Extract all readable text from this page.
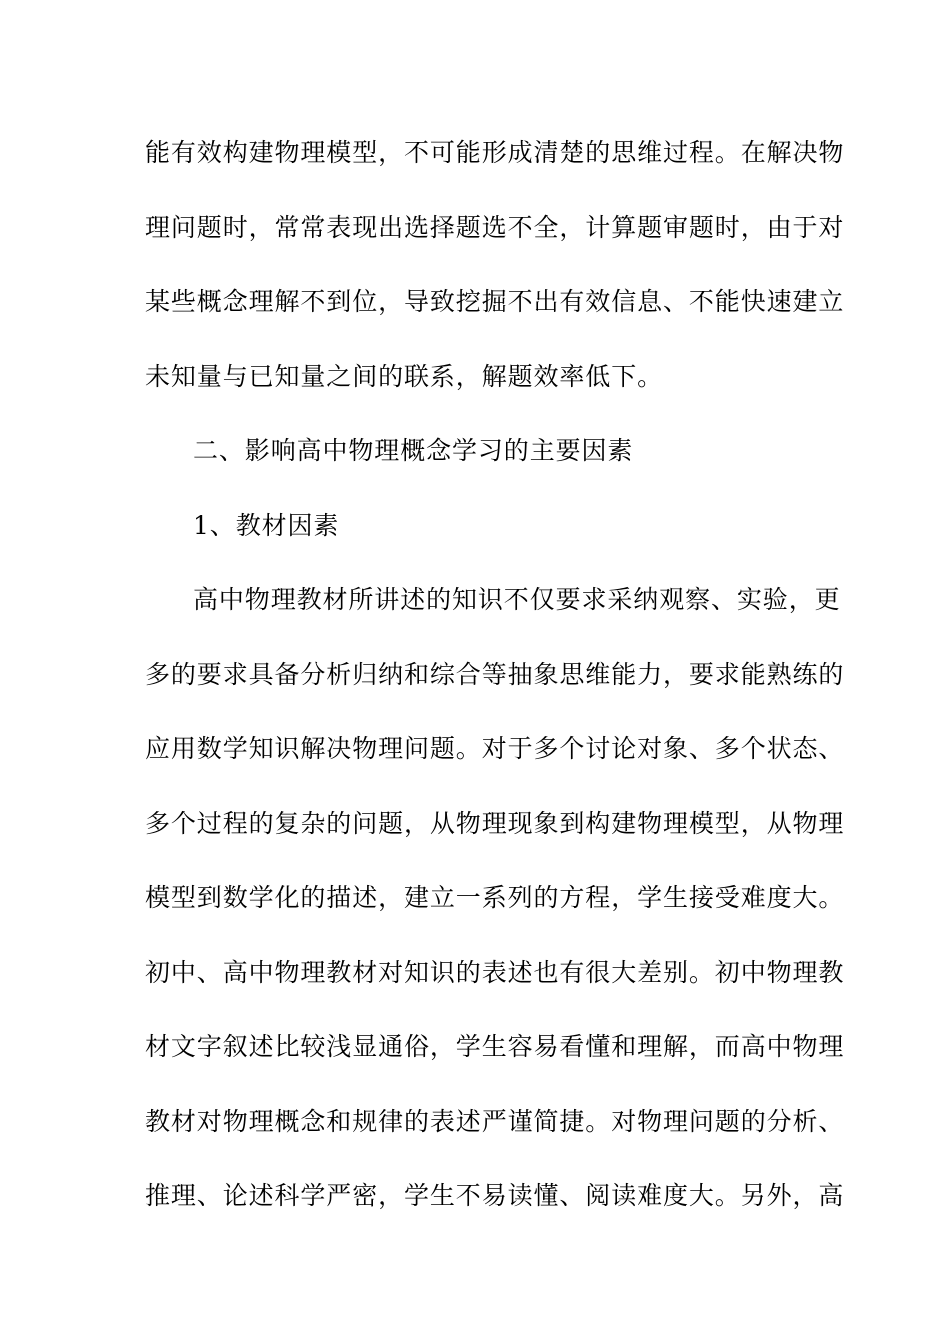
能有效构建物理模型，不可能形成清楚的思维过程。在解决物
理问题时，常常表现出选择题选不全，计算题审题时，由于对
某些概念理解不到位，导致挖掘不出有效信息、不能快速建立
未知量与已知量之间的联系，解题效率低下。
二、影响高中物理概念学习的主要因素
1、教材因素
高中物理教材所讲述的知识不仅要求采纳观察、实验，更
多的要求具备分析归纳和综合等抽象思维能力，要求能熟练的
应用数学知识解决物理问题。对于多个讨论对象、多个状态、
多个过程的复杂的问题，从物理现象到构建物理模型，从物理
模型到数学化的描述，建立一系列的方程，学生接受难度大。
初中、高中物理教材对知识的表述也有很大差别。初中物理教
材文字叙述比较浅显通俗，学生容易看懂和理解，而高中物理
教材对物理概念和规律的表述严谨简捷。对物理问题的分析、
推理、论述科学严密，学生不易读懂、阅读难度大。另外，高
